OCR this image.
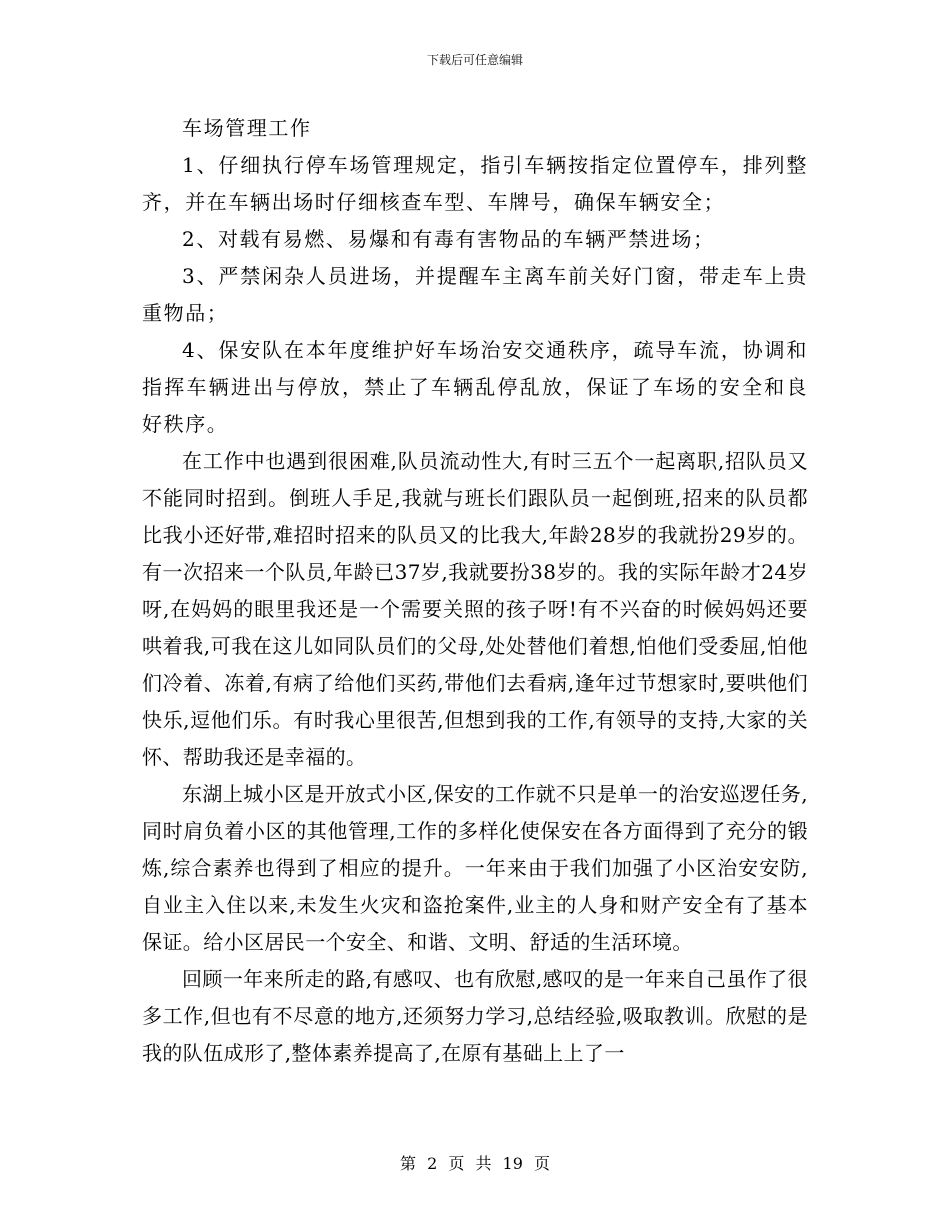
下载后可任意编辑

车场管理工作

1、仔细执行停车场管理规定，指引车辆按指定位置停车，排列整齐，并在车辆出场时仔细核查车型、车牌号，确保车辆安全；

2、对载有易燃、易爆和有毒有害物品的车辆严禁进场；

3、严禁闲杂人员进场，并提醒车主离车前关好门窗，带走车上贵重物品；

4、保安队在本年度维护好车场治安交通秩序，疏导车流，协调和指挥车辆进出与停放，禁止了车辆乱停乱放，保证了车场的安全和良好秩序。

在工作中也遇到很困难,队员流动性大,有时三五个一起离职,招队员又不能同时招到。倒班人手足,我就与班长们跟队员一起倒班,招来的队员都比我小还好带,难招时招来的队员又的比我大,年龄28岁的我就扮29岁的。有一次招来一个队员,年龄已37岁,我就要扮38岁的。我的实际年龄才24岁呀,在妈妈的眼里我还是一个需要关照的孩子呀!有不兴奋的时候妈妈还要哄着我,可我在这儿如同队员们的父母,处处替他们着想,怕他们受委屈,怕他们冷着、冻着,有病了给他们买药,带他们去看病,逢年过节想家时,要哄他们快乐,逗他们乐。有时我心里很苦,但想到我的工作,有领导的支持,大家的关怀、帮助我还是幸福的。

东湖上城小区是开放式小区,保安的工作就不只是单一的治安巡逻任务,同时肩负着小区的其他管理,工作的多样化使保安在各方面得到了充分的锻炼,综合素养也得到了相应的提升。一年来由于我们加强了小区治安安防,自业主入住以来,未发生火灾和盗抢案件,业主的人身和财产安全有了基本保证。给小区居民一个安全、和谐、文明、舒适的生活环境。

回顾一年来所走的路,有感叹、也有欣慰,感叹的是一年来自己虽作了很多工作,但也有不尽意的地方,还须努力学习,总结经验,吸取教训。欣慰的是我的队伍成形了,整体素养提高了,在原有基础上上了一

第 2 页 共 19 页
